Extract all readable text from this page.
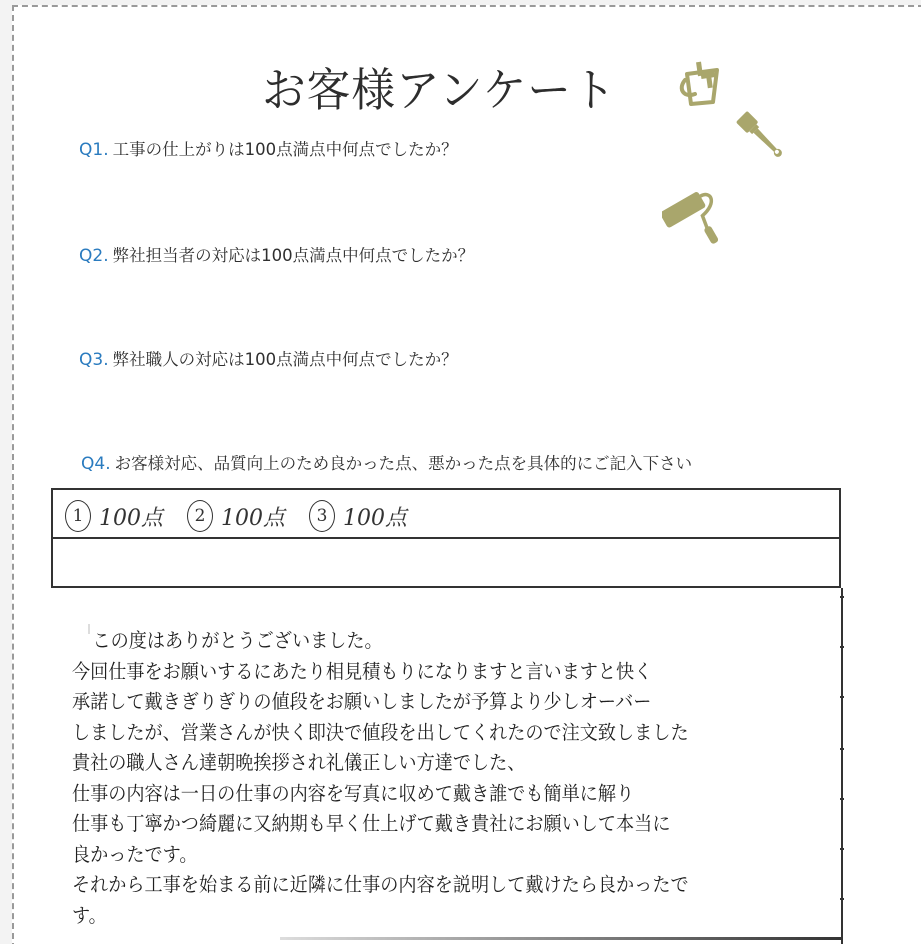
お客様アンケート
Q1. 工事の仕上がりは100点満点中何点でしたか？
Q2. 弊社担当者の対応は100点満点中何点でしたか？
Q3. 弊社職人の対応は100点満点中何点でしたか？
Q4. お客様対応、品質向上のため良かった点、悪かった点を具体的にご記入下さい
1 100点	2 100点	3 100点
この度はありがとうございました。
今回仕事をお願いするにあたり相見積もりになりますと言いますと快く
承諾して戴きぎりぎりの値段をお願いしましたが予算より少しオーバー
しましたが、営業さんが快く即決で値段を出してくれたので注文致しました
貴社の職人さん達朝晩挨拶され礼儀正しい方達でした、
仕事の内容は一日の仕事の内容を写真に収めて戴き誰でも簡単に解り
仕事も丁寧かつ綺麗に又納期も早く仕上げて戴き貴社にお願いして本当に
良かったです。
それから工事を始まる前に近隣に仕事の内容を説明して戴けたら良かったで
す。
